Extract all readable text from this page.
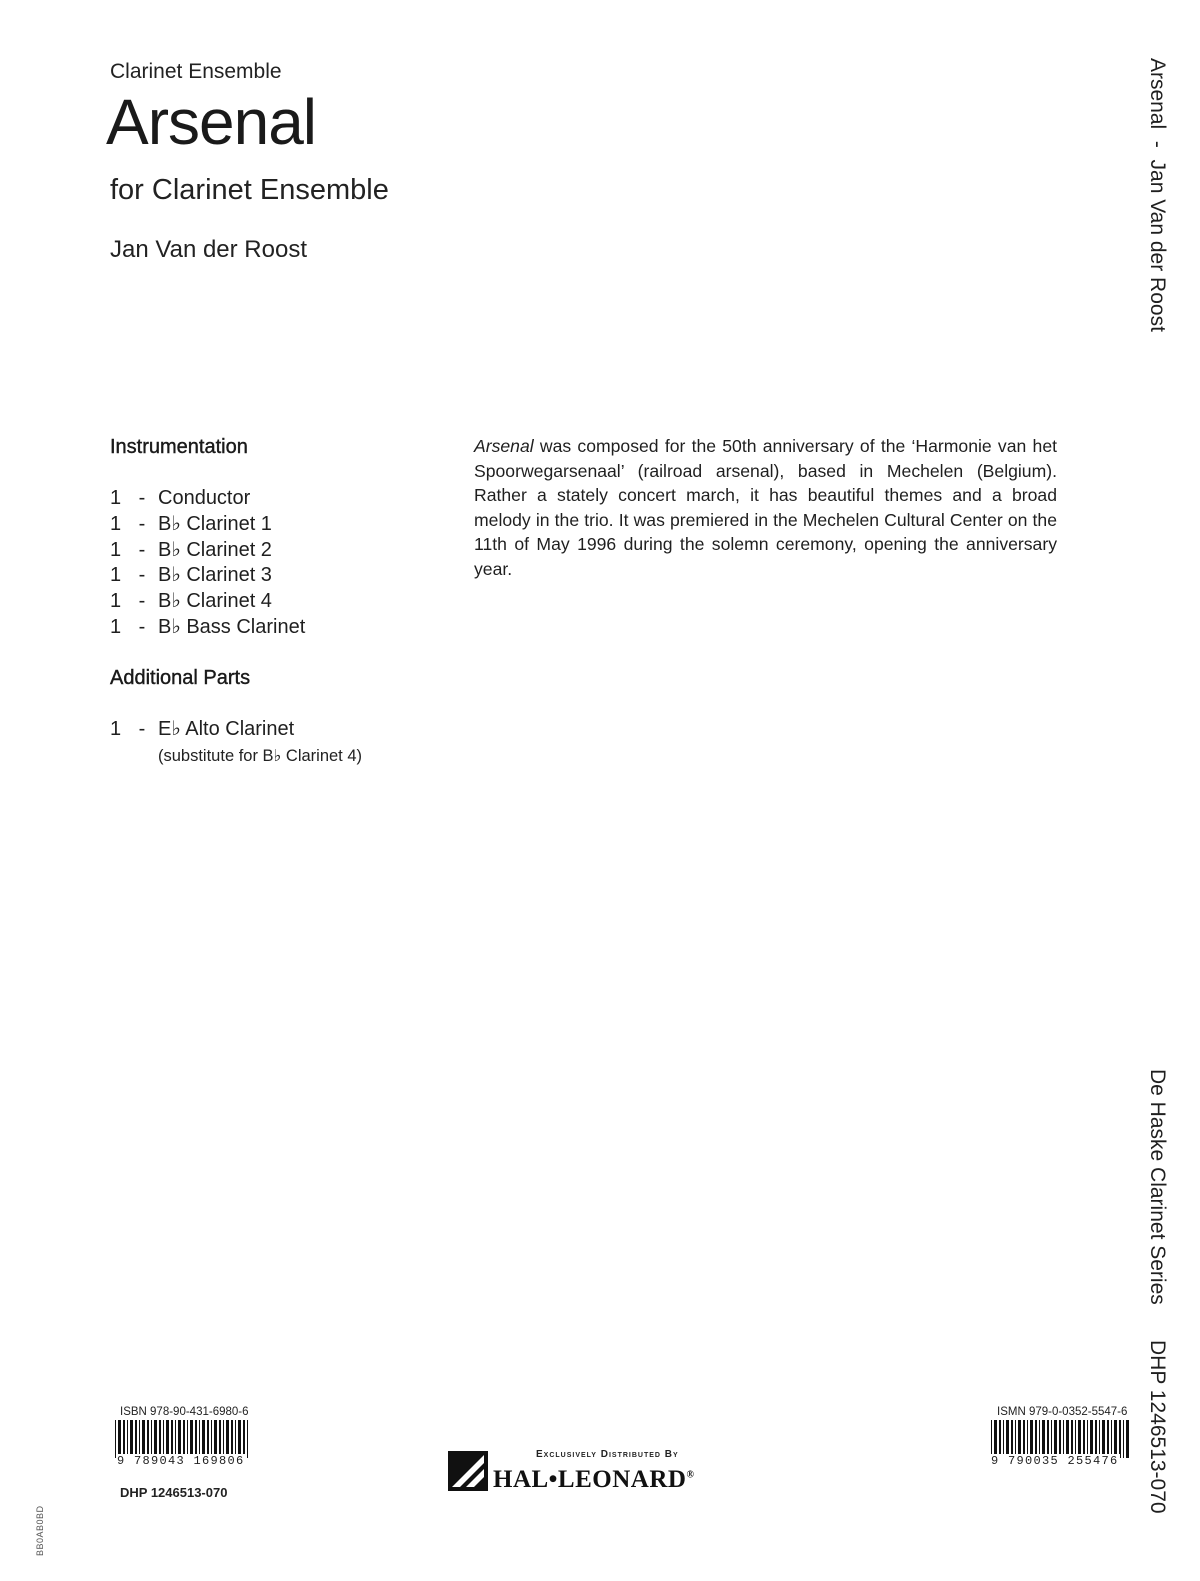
Clarinet Ensemble
Arsenal
for Clarinet Ensemble
Jan Van der Roost
Instrumentation
1 - Conductor
1 - B♭ Clarinet 1
1 - B♭ Clarinet 2
1 - B♭ Clarinet 3
1 - B♭ Clarinet 4
1 - B♭ Bass Clarinet
Additional Parts
1 - E♭ Alto Clarinet
(substitute for B♭ Clarinet 4)

Arsenal was composed for the 50th anniversary of the ‘Harmonie van het Spoorwegarsenaal’ (railroad arsenal), based in Mechelen (Belgium). Rather a stately concert march, it has beautiful themes and a broad melody in the trio. It was premiered in the Mechelen Cultural Center on the 11th of May 1996 during the solemn ceremony, opening the anniversary year.

Arsenal  -  Jan Van der Roost
De Haske Clarinet Series
DHP 1246513-070
ISBN 978-90-431-6980-6
9 789043 169806
DHP 1246513-070
ISMN 979-0-0352-5547-6
9 790035 255476
Exclusively Distributed By
HAL•LEONARD®
BB0AB0BD
